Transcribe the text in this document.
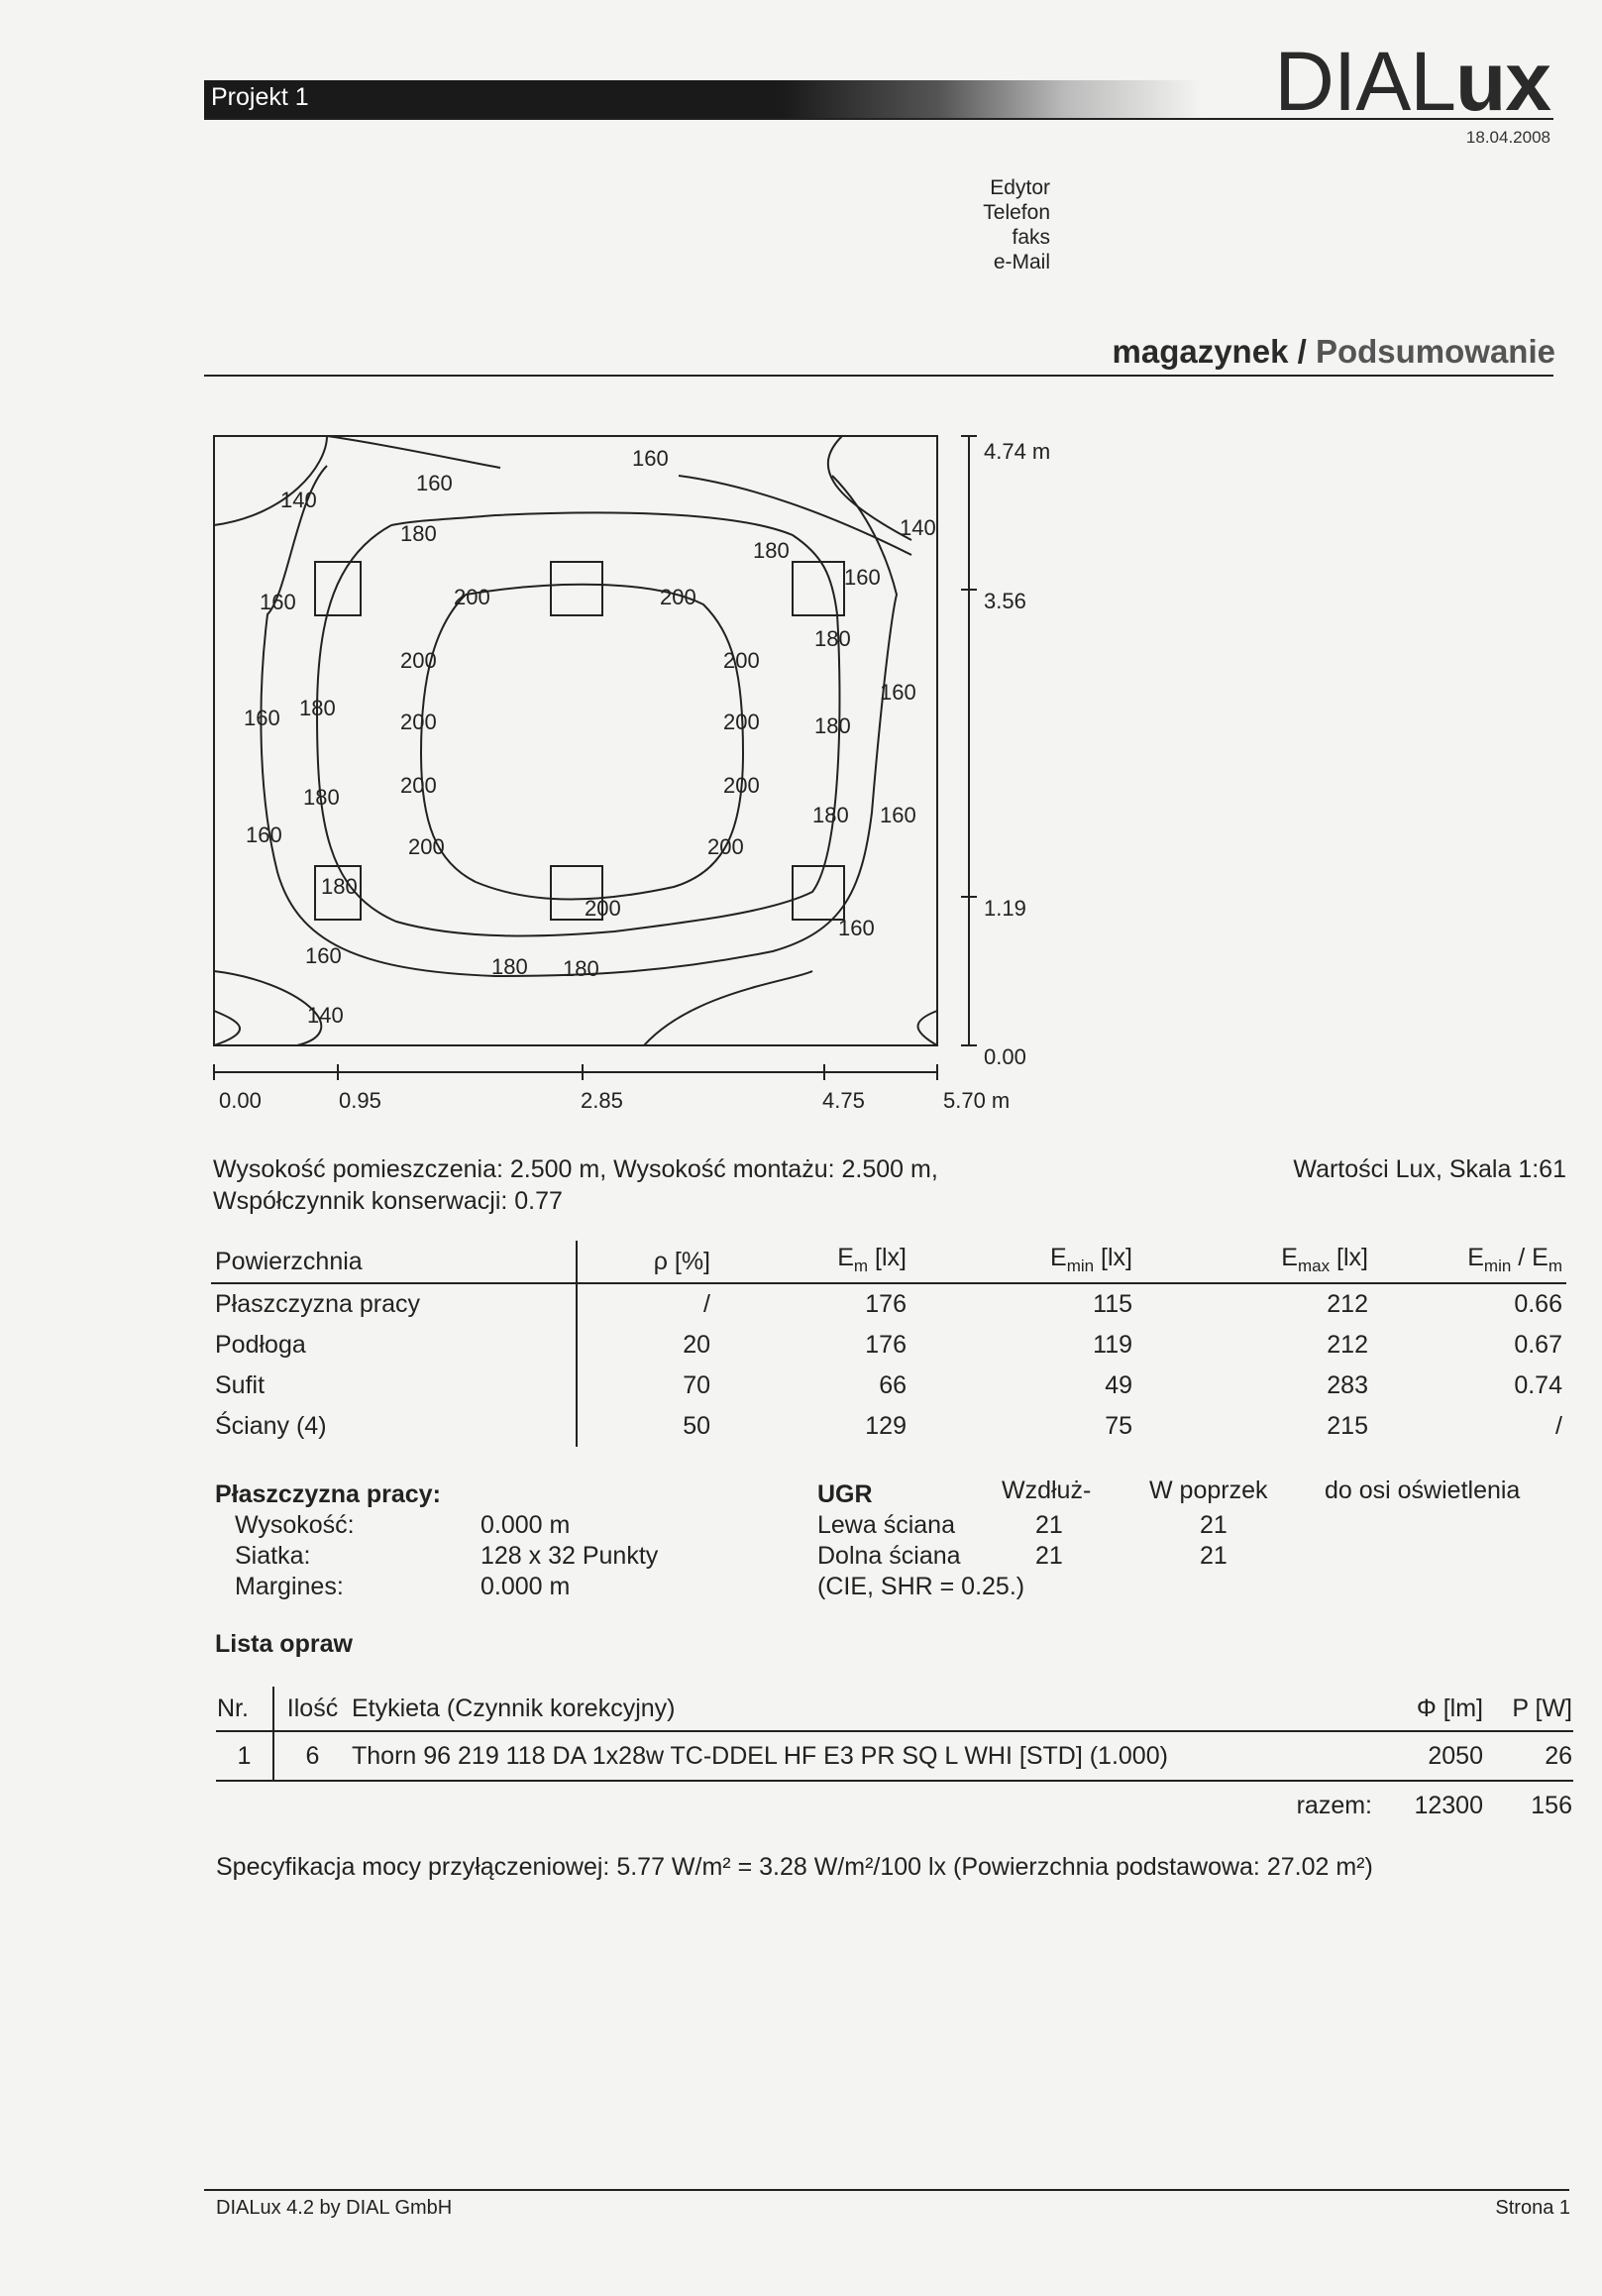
Projekt 1	DIALux
18.04.2008
Edytor
Telefon
faks
e-Mail
magazynek / Podsumowanie
4.74 m
3.56
1.19
0.00
0.00	0.95	2.85	4.75	5.70 m
140
160
160
140
180
180
160
160
200	200
180
200	200
160
160
180
200	200	180
180	200	200
180 160
160	200	200
180
200
160
160
180 180
140
Wysokość pomieszczenia: 2.500 m, Wysokość montażu: 2.500 m,
Współczynnik konserwacji: 0.77
Wartości Lux, Skala 1:61
Powierzchnia	ρ [%]	$E_m$ [lx]	$E_{min}$ [lx]	$E_{max}$ [lx]	$E_{min} / E_m$
Płaszczyzna pracy	/	176	115	212	0.66
Podłoga	20	176	119	212	0.67
Sufit	70	66	49	283	0.74
Ściany (4)	50	129	75	215	/
Płaszczyzna pracy:
Wysokość:	0.000 m
Siatka:	128 x 32 Punkty
Margines:	0.000 m
UGR	Wzdłuż- W poprzek do osi oświetlenia
Lewa ściana	21	21
Dolna ściana	21	21
(CIE, SHR = 0.25.)
Lista opraw
Nr.	Ilość	Etykieta (Czynnik korekcyjny)	Φ [lm]	P [W]
1	6	Thorn 96 219 118 DA 1x28w TC-DDEL HF E3 PR SQ L WHI [STD] (1.000)	2050	26
		razem:	12300	156
Specyfikacja mocy przyłączeniowej: 5.77 W/m² = 3.28 W/m²/100 lx (Powierzchnia podstawowa: 27.02 m²)
DIALux 4.2 by DIAL GmbH	Strona 1
